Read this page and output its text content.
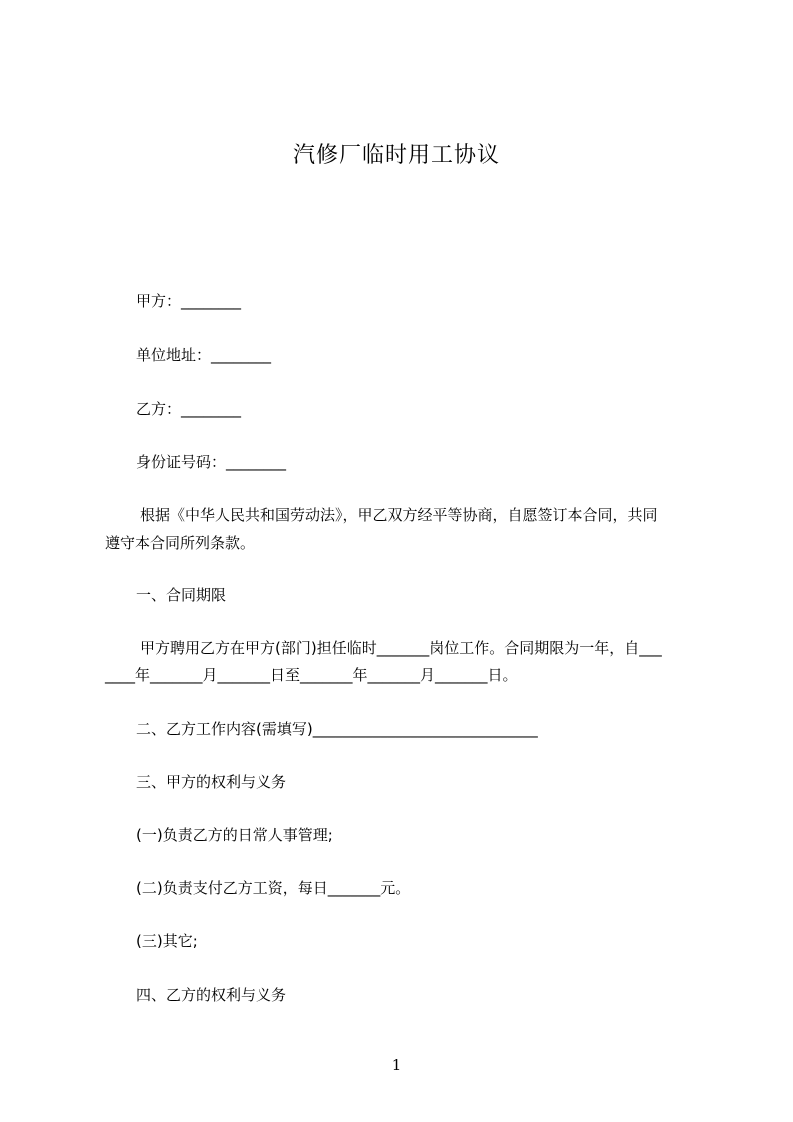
汽修厂临时用工协议
甲方：________
单位地址：________
乙方：________
身份证号码：________
根据《中华人民共和国劳动法》，甲乙双方经平等协商，自愿签订本合同，共同
遵守本合同所列条款。
一、合同期限
甲方聘用乙方在甲方(部门)担任临时_______岗位工作。合同期限为一年，自___
____年_______月_______日至_______年_______月_______日。
二、乙方工作内容(需填写)______________________________
三、甲方的权利与义务
(一)负责乙方的日常人事管理;
(二)负责支付乙方工资，每日_______元。
(三)其它;
四、乙方的权利与义务
1
